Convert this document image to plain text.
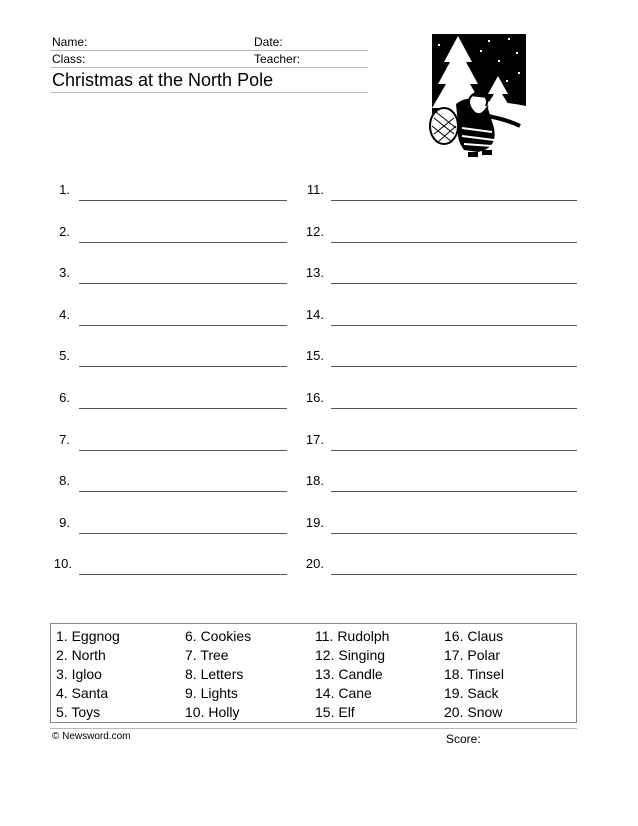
Name:	Date:
Class:	Teacher:
Christmas at the North Pole
1.
2.
3.
4.
5.
6.
7.
8.
9.
10.
11.
12.
13.
14.
15.
16.
17.
18.
19.
20.
1. Eggnog
2. North
3. Igloo
4. Santa
5. Toys
6. Cookies
7. Tree
8. Letters
9. Lights
10. Holly
11. Rudolph
12. Singing
13. Candle
14. Cane
15. Elf
16. Claus
17. Polar
18. Tinsel
19. Sack
20. Snow
© Newsword.com	Score:
